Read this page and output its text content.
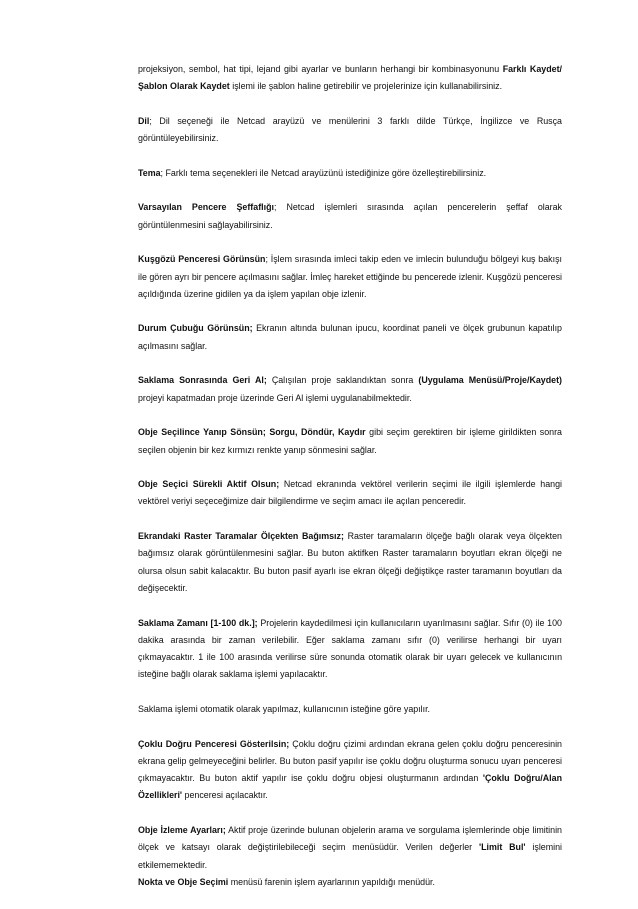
projeksiyon, sembol, hat tipi, lejand gibi ayarlar ve bunların herhangi bir kombinasyonunu Farklı Kaydet/Şablon Olarak Kaydet işlemi ile şablon haline getirebilir ve projelerinize için kullanabilirsiniz.

Dil; Dil seçeneği ile Netcad arayüzü ve menülerini 3 farklı dilde Türkçe, İngilizce ve Rusça görüntüleyebilirsiniz.

Tema; Farklı tema seçenekleri ile Netcad arayüzünü istediğinize göre özelleştirebilirsiniz.

Varsayılan Pencere Şeffaflığı; Netcad işlemleri sırasında açılan pencerelerin şeffaf olarak görüntülenmesini sağlayabilirsiniz.

Kuşgözü Penceresi Görünsün; İşlem sırasında imleci takip eden ve imlecin bulunduğu bölgeyi kuş bakışı ile gören ayrı bir pencere açılmasını sağlar. İmleç hareket ettiğinde bu pencerede izlenir. Kuşgözü penceresi açıldığında üzerine gidilen ya da işlem yapılan obje izlenir.

Durum Çubuğu Görünsün; Ekranın altında bulunan ipucu, koordinat paneli ve ölçek grubunun kapatılıp açılmasını sağlar.

Saklama Sonrasında Geri Al; Çalışılan proje saklandıktan sonra (Uygulama Menüsü/Proje/Kaydet) projeyi kapatmadan proje üzerinde Geri Al işlemi uygulanabilmektedir.

Obje Seçilince Yanıp Sönsün; Sorgu, Döndür, Kaydır gibi seçim gerektiren bir işleme girildikten sonra seçilen objenin bir kez kırmızı renkte yanıp sönmesini sağlar.

Obje Seçici Sürekli Aktif Olsun; Netcad ekranında vektörel verilerin seçimi ile ilgili işlemlerde hangi vektörel veriyi seçeceğimize dair bilgilendirme ve seçim amacı ile açılan penceredir.

Ekrandaki Raster Taramalar Ölçekten Bağımsız; Raster taramaların ölçeğe bağlı olarak veya ölçekten bağımsız olarak görüntülenmesini sağlar. Bu buton aktifken Raster taramaların boyutları ekran ölçeği ne olursa olsun sabit kalacaktır. Bu buton pasif ayarlı ise ekran ölçeği değiştikçe raster taramanın boyutları da değişecektir.

Saklama Zamanı [1-100 dk.]; Projelerin kaydedilmesi için kullanıcıların uyarılmasını sağlar. Sıfır (0) ile 100 dakika arasında bir zaman verilebilir. Eğer saklama zamanı sıfır (0) verilirse herhangi bir uyarı çıkmayacaktır. 1 ile 100 arasında verilirse süre sonunda otomatik olarak bir uyarı gelecek ve kullanıcının isteğine bağlı olarak saklama işlemi yapılacaktır.

Saklama işlemi otomatik olarak yapılmaz, kullanıcının isteğine göre yapılır.

Çoklu Doğru Penceresi Gösterilsin; Çoklu doğru çizimi ardından ekrana gelen çoklu doğru penceresinin ekrana gelip gelmeyeceğini belirler. Bu buton pasif yapılır ise çoklu doğru oluşturma sonucu uyarı penceresi çıkmayacaktır. Bu buton aktif yapılır ise çoklu doğru objesi oluşturmanın ardından 'Çoklu Doğru/Alan Özellikleri' penceresi açılacaktır.

Obje İzleme Ayarları; Aktif proje üzerinde bulunan objelerin arama ve sorgulama işlemlerinde obje limitinin ölçek ve katsayı olarak değiştirilebileceği seçim menüsüdür. Verilen değerler 'Limit Bul' işlemini etkilememektedir.

Nokta ve Obje Seçimi menüsü farenin işlem ayarlarının yapıldığı menüdür.
